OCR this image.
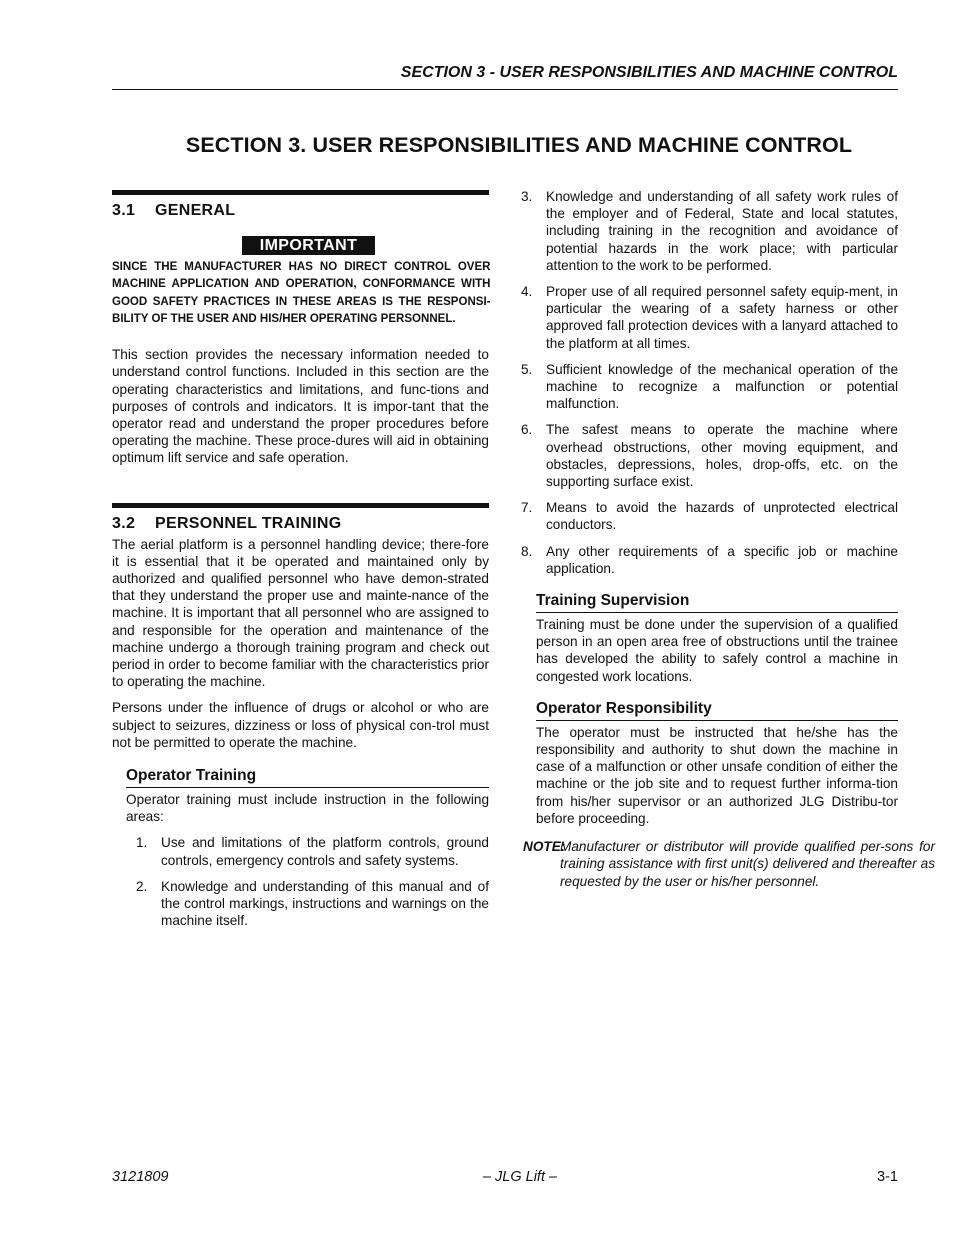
SECTION 3 - USER RESPONSIBILITIES AND MACHINE CONTROL
SECTION 3. USER RESPONSIBILITIES AND MACHINE CONTROL
3.1 GENERAL
IMPORTANT
SINCE THE MANUFACTURER HAS NO DIRECT CONTROL OVER MACHINE APPLICATION AND OPERATION, CONFORMANCE WITH GOOD SAFETY PRACTICES IN THESE AREAS IS THE RESPONSI-BILITY OF THE USER AND HIS/HER OPERATING PERSONNEL.

This section provides the necessary information needed to understand control functions. Included in this section are the operating characteristics and limitations, and func-tions and purposes of controls and indicators. It is impor-tant that the operator read and understand the proper procedures before operating the machine. These proce-dures will aid in obtaining optimum lift service and safe operation.

3.2 PERSONNEL TRAINING

The aerial platform is a personnel handling device; there-fore it is essential that it be operated and maintained only by authorized and qualified personnel who have demon-strated that they understand the proper use and mainte-nance of the machine. It is important that all personnel who are assigned to and responsible for the operation and maintenance of the machine undergo a thorough training program and check out period in order to become familiar with the characteristics prior to operating the machine.

Persons under the influence of drugs or alcohol or who are subject to seizures, dizziness or loss of physical con-trol must not be permitted to operate the machine.

Operator Training

Operator training must include instruction in the following areas:

1. Use and limitations of the platform controls, ground controls, emergency controls and safety systems.
2. Knowledge and understanding of this manual and of the control markings, instructions and warnings on the machine itself.
3. Knowledge and understanding of all safety work rules of the employer and of Federal, State and local statutes, including training in the recognition and avoidance of potential hazards in the work place; with particular attention to the work to be performed.
4. Proper use of all required personnel safety equip-ment, in particular the wearing of a safety harness or other approved fall protection devices with a lanyard attached to the platform at all times.
5. Sufficient knowledge of the mechanical operation of the machine to recognize a malfunction or potential malfunction.
6. The safest means to operate the machine where overhead obstructions, other moving equipment, and obstacles, depressions, holes, drop-offs, etc. on the supporting surface exist.
7. Means to avoid the hazards of unprotected electrical conductors.
8. Any other requirements of a specific job or machine application.
Training Supervision

Training must be done under the supervision of a qualified person in an open area free of obstructions until the trainee has developed the ability to safely control a machine in congested work locations.

Operator Responsibility

The operator must be instructed that he/she has the responsibility and authority to shut down the machine in case of a malfunction or other unsafe condition of either the machine or the job site and to request further informa-tion from his/her supervisor or an authorized JLG Distribu-tor before proceeding.

NOTE:
Manufacturer or distributor will provide qualified per-sons for training assistance with first unit(s) delivered and thereafter as requested by the user or his/her personnel.
3121809	– JLG Lift –	3-1
